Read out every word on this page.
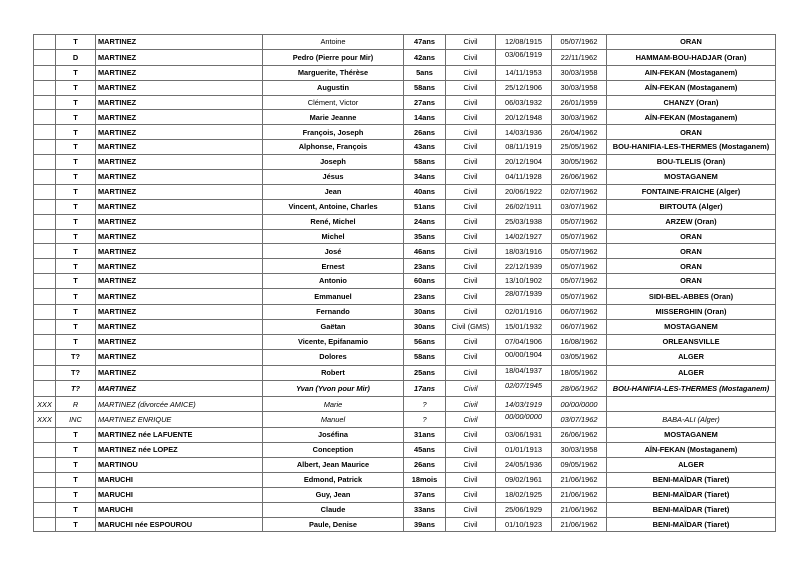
	T	MARTINEZ	Antoine	47ans	Civil	12/08/1915	05/07/1962	ORAN
	D	MARTINEZ	Pedro (Pierre pour Mir)	42ans	Civil	03/06/1919	22/11/1962	HAMMAM-BOU-HADJAR (Oran)
	T	MARTINEZ	Marguerite, Thérèse	5ans	Civil	14/11/1953	30/03/1958	AIN-FEKAN (Mostaganem)
	T	MARTINEZ	Augustin	58ans	Civil	25/12/1906	30/03/1958	AÏN-FEKAN (Mostaganem)
	T	MARTINEZ	Clément, Victor	27ans	Civil	06/03/1932	26/01/1959	CHANZY (Oran)
	T	MARTINEZ	Marie Jeanne	14ans	Civil	20/12/1948	30/03/1962	AÏN-FEKAN (Mostaganem)
	T	MARTINEZ	François, Joseph	26ans	Civil	14/03/1936	26/04/1962	ORAN
	T	MARTINEZ	Alphonse, François	43ans	Civil	08/11/1919	25/05/1962	BOU-HANIFIA-LES-THERMES (Mostaganem)
	T	MARTINEZ	Joseph	58ans	Civil	20/12/1904	30/05/1962	BOU-TLELIS (Oran)
	T	MARTINEZ	Jésus	34ans	Civil	04/11/1928	26/06/1962	MOSTAGANEM
	T	MARTINEZ	Jean	40ans	Civil	20/06/1922	02/07/1962	FONTAINE-FRAICHE (Alger)
	T	MARTINEZ	Vincent, Antoine, Charles	51ans	Civil	26/02/1911	03/07/1962	BIRTOUTA (Alger)
	T	MARTINEZ	René, Michel	24ans	Civil	25/03/1938	05/07/1962	ARZEW (Oran)
	T	MARTINEZ	Michel	35ans	Civil	14/02/1927	05/07/1962	ORAN
	T	MARTINEZ	José	46ans	Civil	18/03/1916	05/07/1962	ORAN
	T	MARTINEZ	Ernest	23ans	Civil	22/12/1939	05/07/1962	ORAN
	T	MARTINEZ	Antonio	60ans	Civil	13/10/1902	05/07/1962	ORAN
	T	MARTINEZ	Emmanuel	23ans	Civil	28/07/1939	05/07/1962	SIDI-BEL-ABBES (Oran)
	T	MARTINEZ	Fernando	30ans	Civil	02/01/1916	06/07/1962	MISSERGHIN (Oran)
	T	MARTINEZ	Gaëtan	30ans	Civil (GMS)	15/01/1932	06/07/1962	MOSTAGANEM
	T	MARTINEZ	Vicente, Epifanamio	56ans	Civil	07/04/1906	16/08/1962	ORLEANSVILLE
	T?	MARTINEZ	Dolores	58ans	Civil	00/00/1904	03/05/1962	ALGER
	T?	MARTINEZ	Robert	25ans	Civil	18/04/1937	18/05/1962	ALGER
	T?	MARTINEZ	Yvan (Yvon pour Mir)	17ans	Civil	02/07/1945	28/06/1962	BOU-HANIFIA-LES-THERMES (Mostaganem)
XXX	R	MARTINEZ (divorcée AMICE)	Marie	?	Civil	14/03/1919	00/00/0000	
XXX	INC	MARTINEZ ENRIQUE	Manuel	?	Civil	00/00/0000	03/07/1962	BABA-ALI (Alger)
	T	MARTINEZ née LAFUENTE	Joséfina	31ans	Civil	03/06/1931	26/06/1962	MOSTAGANEM
	T	MARTINEZ née LOPEZ	Conception	45ans	Civil	01/01/1913	30/03/1958	AÏN-FEKAN (Mostaganem)
	T	MARTINOU	Albert, Jean Maurice	26ans	Civil	24/05/1936	09/05/1962	ALGER
	T	MARUCHI	Edmond, Patrick	18mois	Civil	09/02/1961	21/06/1962	BENI-MAÏDAR (Tiaret)
	T	MARUCHI	Guy, Jean	37ans	Civil	18/02/1925	21/06/1962	BENI-MAÏDAR (Tiaret)
	T	MARUCHI	Claude	33ans	Civil	25/06/1929	21/06/1962	BENI-MAÏDAR (Tiaret)
	T	MARUCHI née ESPOUROU	Paule, Denise	39ans	Civil	01/10/1923	21/06/1962	BENI-MAÏDAR (Tiaret)
